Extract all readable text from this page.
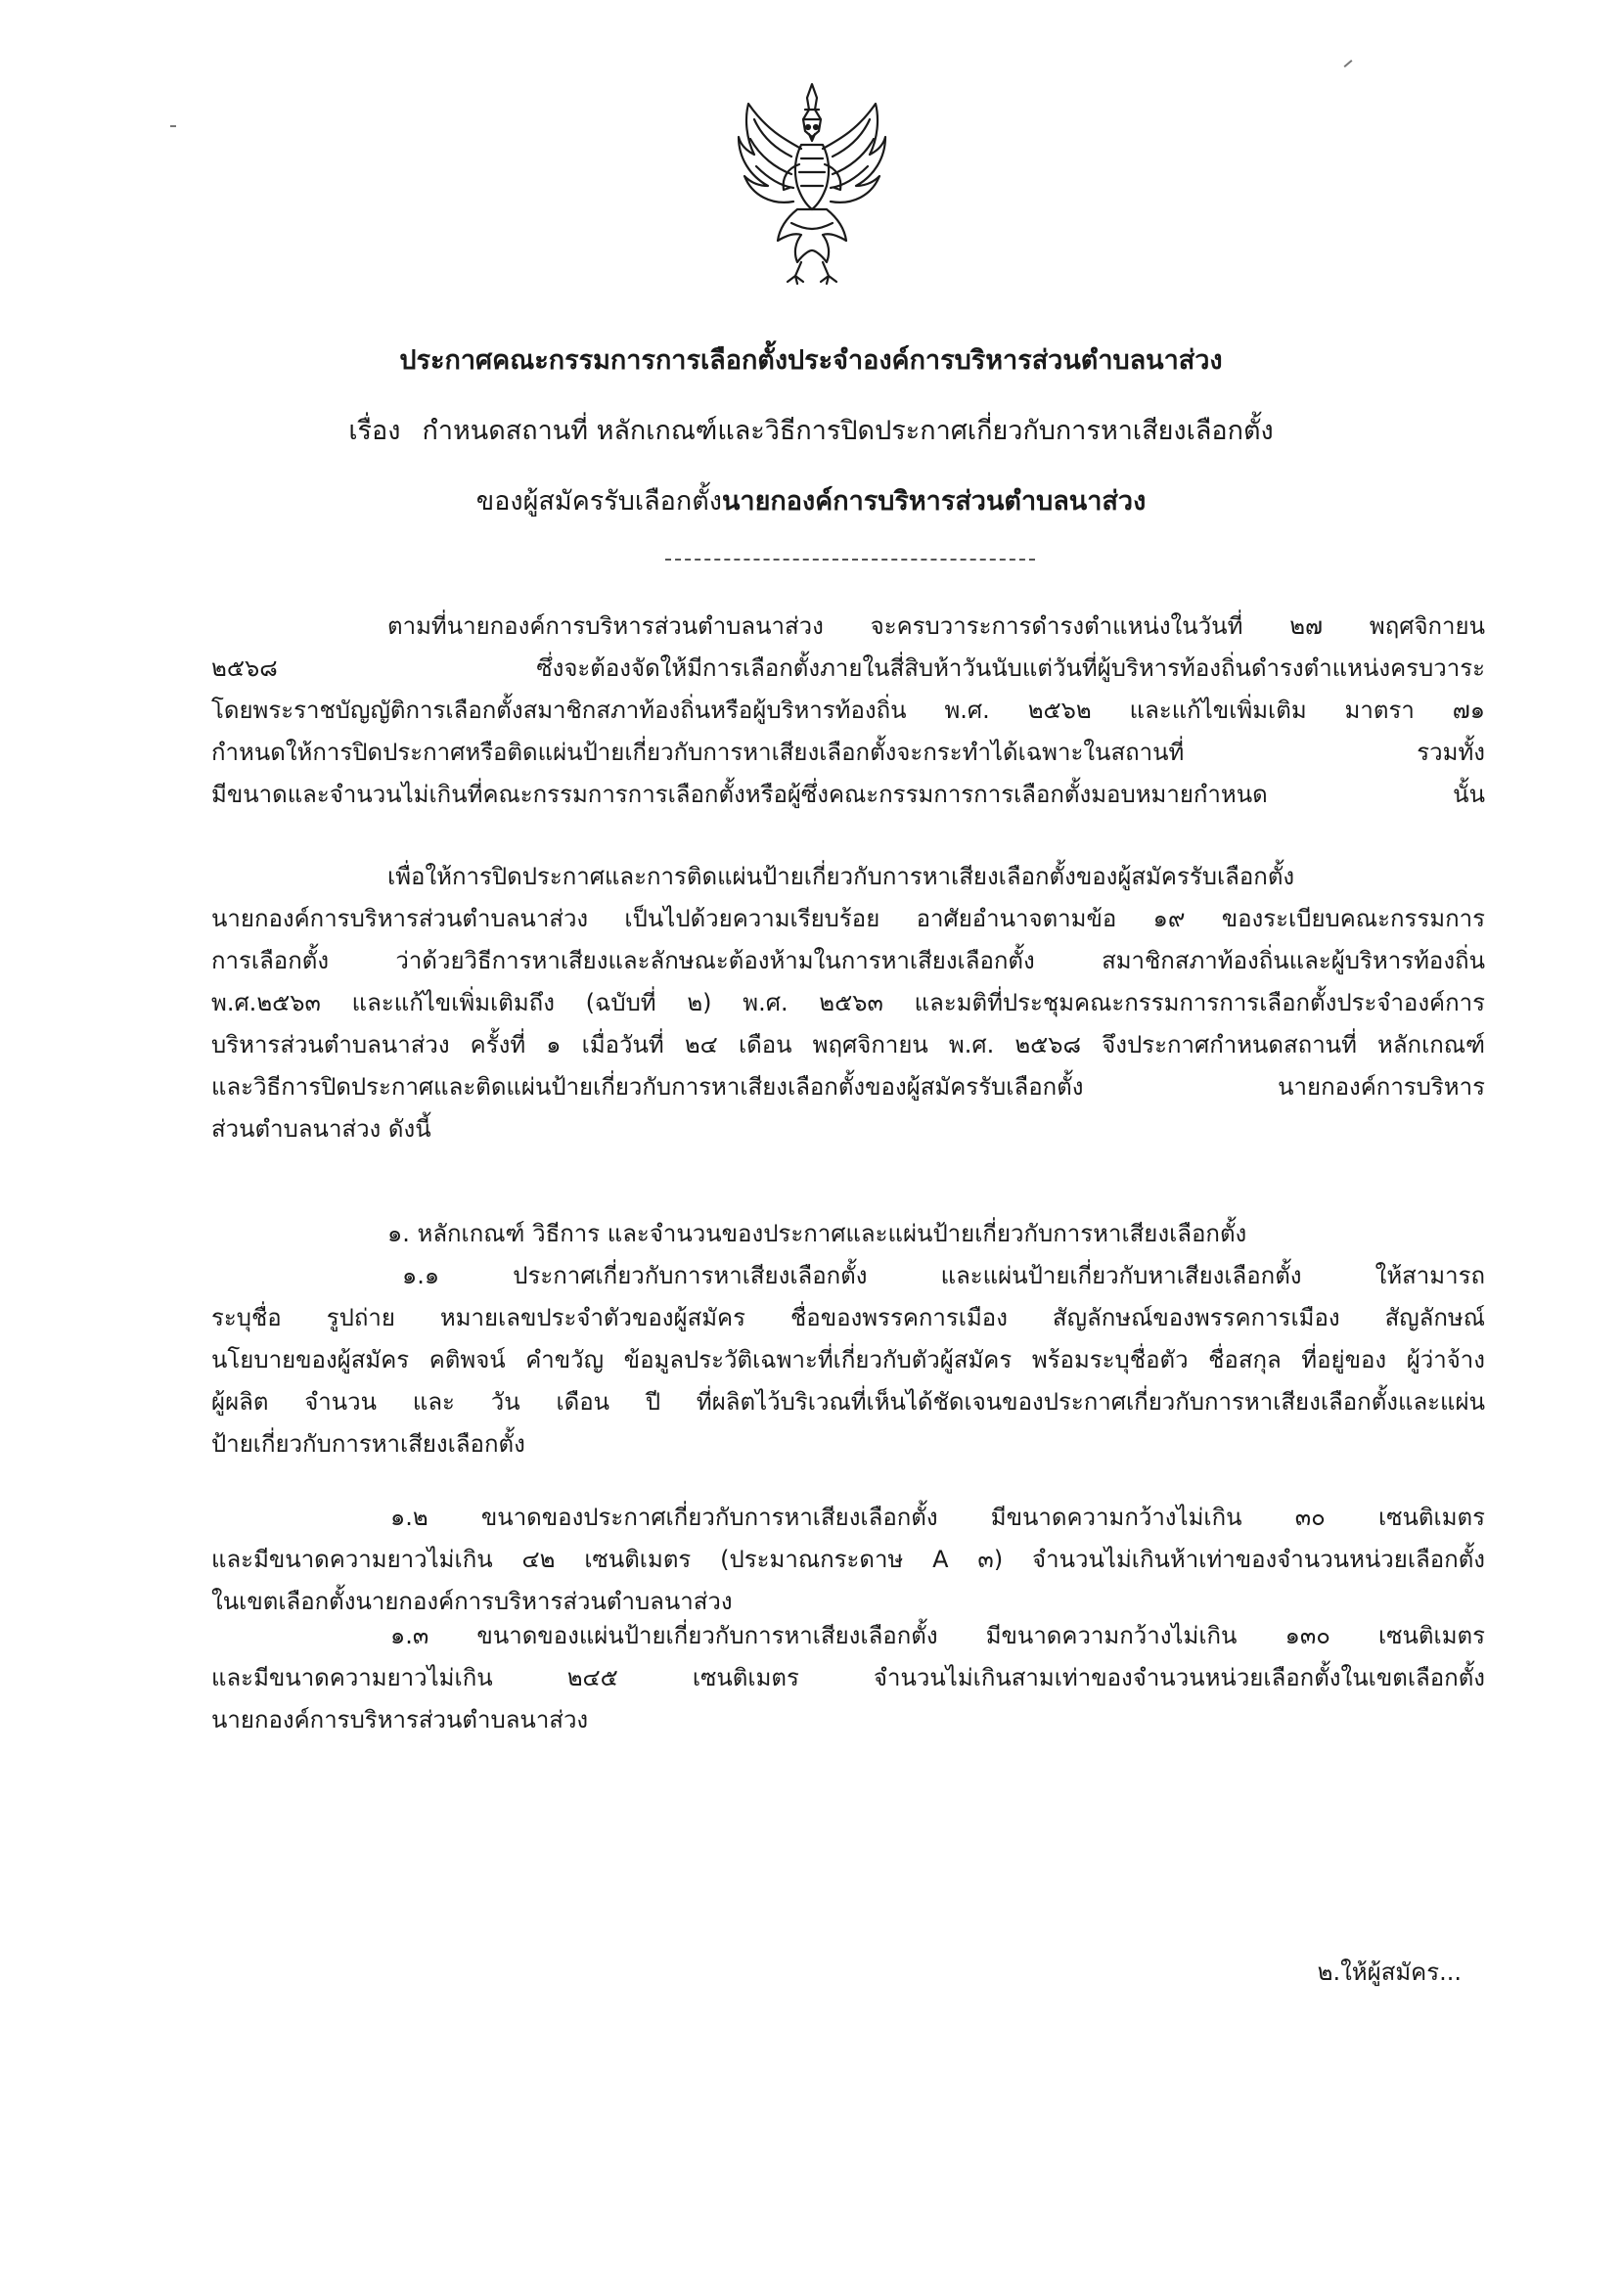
ประกาศคณะกรรมการการเลือกตั้งประจำองค์การบริหารส่วนตำบลนาส่วง
เรื่อง กำหนดสถานที่ หลักเกณฑ์และวิธีการปิดประกาศเกี่ยวกับการหาเสียงเลือกตั้ง
ของผู้สมัครรับเลือกตั้งนายกองค์การบริหารส่วนตำบลนาส่วง
ตามที่นายกองค์การบริหารส่วนตำบลนาส่วง จะครบวาระการดำรงตำแหน่งในวันที่ ๒๗ พฤศจิกายน
๒๕๖๘ ซึ่งจะต้องจัดให้มีการเลือกตั้งภายในสี่สิบห้าวันนับแต่วันที่ผู้บริหารท้องถิ่นดำรงตำแหน่งครบวาระ
โดยพระราชบัญญัติการเลือกตั้งสมาชิกสภาท้องถิ่นหรือผู้บริหารท้องถิ่น พ.ศ. ๒๕๖๒ และแก้ไขเพิ่มเติม มาตรา ๗๑
กำหนดให้การปิดประกาศหรือติดแผ่นป้ายเกี่ยวกับการหาเสียงเลือกตั้งจะกระทำได้เฉพาะในสถานที่ รวมทั้ง
มีขนาดและจำนวนไม่เกินที่คณะกรรมการการเลือกตั้งหรือผู้ซึ่งคณะกรรมการการเลือกตั้งมอบหมายกำหนด นั้น
เพื่อให้การปิดประกาศและการติดแผ่นป้ายเกี่ยวกับการหาเสียงเลือกตั้งของผู้สมัครรับเลือกตั้ง
นายกองค์การบริหารส่วนตำบลนาส่วง เป็นไปด้วยความเรียบร้อย อาศัยอำนาจตามข้อ ๑๙ ของระเบียบคณะกรรมการ
การเลือกตั้ง ว่าด้วยวิธีการหาเสียงและลักษณะต้องห้ามในการหาเสียงเลือกตั้ง สมาชิกสภาท้องถิ่นและผู้บริหารท้องถิ่น
พ.ศ.๒๕๖๓ และแก้ไขเพิ่มเติมถึง (ฉบับที่ ๒) พ.ศ. ๒๕๖๓ และมติที่ประชุมคณะกรรมการการเลือกตั้งประจำองค์การ
บริหารส่วนตำบลนาส่วง ครั้งที่ ๑ เมื่อวันที่ ๒๔ เดือน พฤศจิกายน พ.ศ. ๒๕๖๘ จึงประกาศกำหนดสถานที่ หลักเกณฑ์
และวิธีการปิดประกาศและติดแผ่นป้ายเกี่ยวกับการหาเสียงเลือกตั้งของผู้สมัครรับเลือกตั้ง นายกองค์การบริหาร
ส่วนตำบลนาส่วง ดังนี้
๑. หลักเกณฑ์ วิธีการ และจำนวนของประกาศและแผ่นป้ายเกี่ยวกับการหาเสียงเลือกตั้ง
๑.๑ ประกาศเกี่ยวกับการหาเสียงเลือกตั้ง และแผ่นป้ายเกี่ยวกับหาเสียงเลือกตั้ง ให้สามารถ
ระบุชื่อ รูปถ่าย หมายเลขประจำตัวของผู้สมัคร ชื่อของพรรคการเมือง สัญลักษณ์ของพรรคการเมือง สัญลักษณ์
นโยบายของผู้สมัคร คติพจน์ คำขวัญ ข้อมูลประวัติเฉพาะที่เกี่ยวกับตัวผู้สมัคร พร้อมระบุชื่อตัว ชื่อสกุล ที่อยู่ของ ผู้ว่าจ้าง
ผู้ผลิต จำนวน และ วัน เดือน ปี ที่ผลิตไว้บริเวณที่เห็นได้ชัดเจนของประกาศเกี่ยวกับการหาเสียงเลือกตั้งและแผ่น
ป้ายเกี่ยวกับการหาเสียงเลือกตั้ง
๑.๒ ขนาดของประกาศเกี่ยวกับการหาเสียงเลือกตั้ง มีขนาดความกว้างไม่เกิน ๓๐ เซนติเมตร
และมีขนาดความยาวไม่เกิน ๔๒ เซนติเมตร (ประมาณกระดาษ A ๓) จำนวนไม่เกินห้าเท่าของจำนวนหน่วยเลือกตั้ง
ในเขตเลือกตั้งนายกองค์การบริหารส่วนตำบลนาส่วง
๑.๓ ขนาดของแผ่นป้ายเกี่ยวกับการหาเสียงเลือกตั้ง มีขนาดความกว้างไม่เกิน ๑๓๐ เซนติเมตร
และมีขนาดความยาวไม่เกิน ๒๔๕ เซนติเมตร จำนวนไม่เกินสามเท่าของจำนวนหน่วยเลือกตั้งในเขตเลือกตั้ง
นายกองค์การบริหารส่วนตำบลนาส่วง
๒.ให้ผู้สมัคร...
